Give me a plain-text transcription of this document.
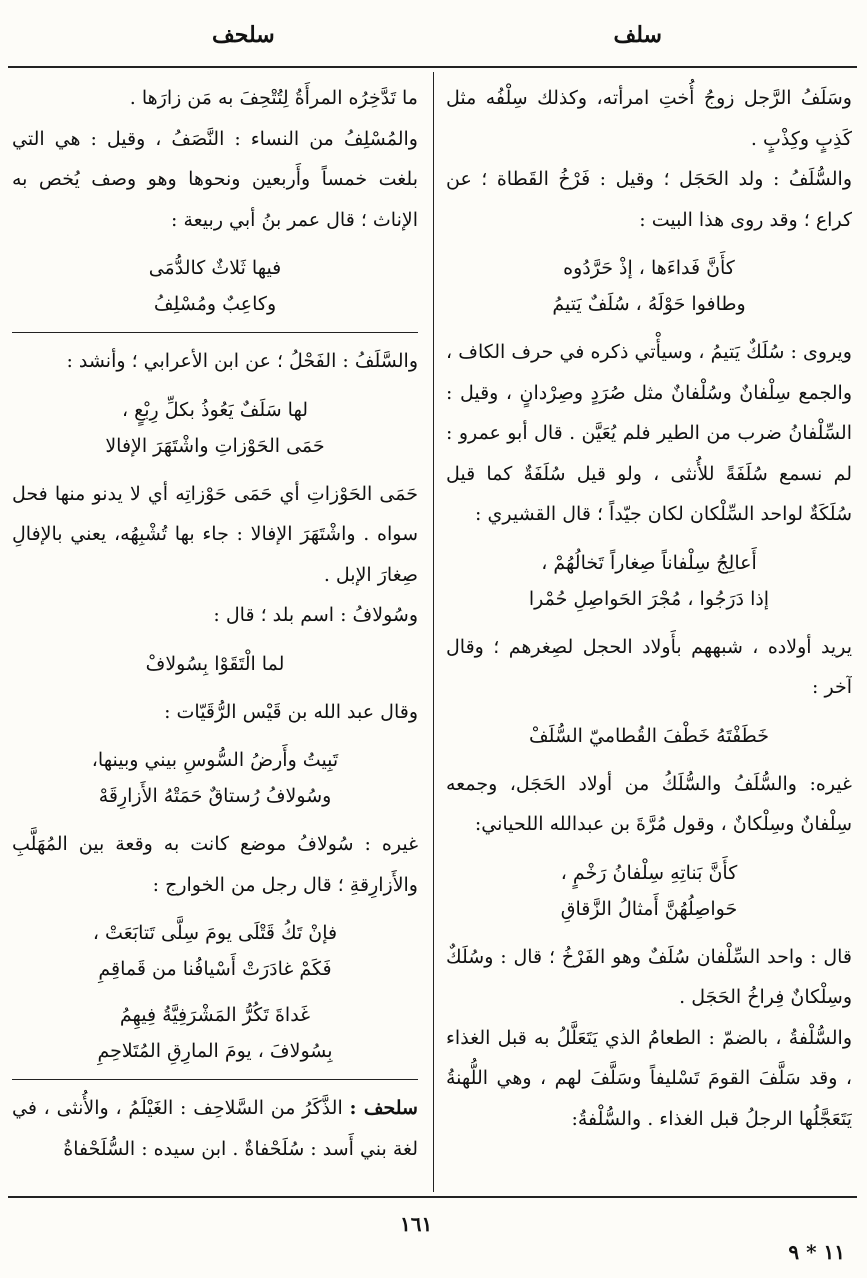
سلف
سلحف

وسَلَفُ الرَّجل زوجُ أُختِ امرأته، وكذلك سِلْفُه مثل كَذِبٍ وكِذْبٍ .

والسُّلَفُ : ولد الحَجَل ؛ وقيل : فَرْخُ القَطاة ؛ عن كراع ؛ وقد روى هذا البيت :

كأَنَّ فَداءَها ، إذْ حَرَّدُوه
وطافوا حَوْلَهُ ، سُلَفٌ يَتيمُ

ويروى : سُلَكٌ يَتيمُ ، وسيأْتي ذكره في حرف الكاف ، والجمع سِلْفانٌ وسُلْفانٌ مثل صُرَدٍ وصِرْدانٍ ، وقيل : السِّلْفانُ ضرب من الطير فلم يُعَيَّن . قال أبو عمرو : لم نسمع سُلَفَةً للأُنثى ، ولو قيل سُلَفَةٌ كما قيل سُلَكَةٌ لواحد السِّلْكان لكان جيّداً ؛ قال القشيري :

أَعالِجُ سِلْفاناً صِغاراً تَخالُهُمْ ،
إذا دَرَجُوا ، مُجْرَ الحَواصِلِ حُمْرا

يريد أولاده ، شبههم بأَولاد الحجل لصِغرهم ؛ وقال آخر :

خَطَفْتَهُ خَطْفَ القُطاميّ السُّلَفْ

غيره: والسُّلَفُ والسُّلَكُ من أولاد الحَجَل، وجمعه سِلْفانٌ وسِلْكانٌ ، وقول مُرَّةَ بن عبدالله اللحياني:

كأَنَّ بَناتِهِ سِلْفانُ رَخْمٍ ،
حَواصِلُهُنَّ أَمثالُ الزَّقاقِ

قال : واحد السِّلْفان سُلَفٌ وهو الفَرْخُ ؛ قال : وسُلَكٌ وسِلْكانٌ فِراخُ الحَجَل .

والسُّلْفةُ ، بالضمّ : الطعامُ الذي يَتَعَلَّلُ به قبل الغذاء ، وقد سَلَّفَ القومَ تَسْليفاً وسَلَّفَ لهم ، وهي اللُّهنةُ يَتَعَجَّلُها الرجلُ قبل الغذاء . والسُّلْفةُ:

ما تَدَّخِرُه المرأَةُ لِتُتْحِفَ به مَن زارَها .

والمُسْلِفُ من النساء : النَّصَفُ ، وقيل : هي التي بلغت خمساً وأَربعين ونحوها وهو وصف يُخص به الإناث ؛ قال عمر بنُ أبي ربيعة :

فيها ثَلاثٌ كالدُّمَى
وكاعِبٌ ومُسْلِفُ

والسَّلَفُ : الفَحْلُ ؛ عن ابن الأعرابي ؛ وأنشد :

لها سَلَفٌ يَعُوذُ بكلِّ رِبْعٍ ،
حَمَى الحَوْزاتِ واشْتَهَرَ الإفالا

حَمَى الحَوْزاتِ أي حَمَى حَوْزاتِه أي لا يدنو منها فحل سواه . واشْتَهَرَ الإفالا : جاء بها تُشْبِهُه، يعني بالإفالِ صِغارَ الإبل .

وسُولافُ : اسم بلد ؛ قال :

لما الْتَقَوْا بِسُولافْ

وقال عبد الله بن قَيْس الرُّقَيّات :

تَبِيتُ وأَرضُ السُّوسِ بيني وبينها،
وسُولافُ رُستاقٌ حَمَتْهُ الأَزارِقَهْ

غيره : سُولافُ موضع كانت به وقعة بين المُهَلَّبِ والأَزارِقةِ ؛ قال رجل من الخوارج :

فإنْ تَكُ قَتْلَى يومَ سِلَّى تَتابَعَتْ ،
فَكَمْ غادَرَتْ أَسْيافُنا من قَماقِمِ

غَداةَ تَكُرُّ المَشْرَفِيَّةُ فِيهِمُ
بِسُولافَ ، يومَ المارِقِ المُتَلاحِمِ

سلحف : الذَّكَرُ من السَّلاحِف : الغَيْلَمُ ، والأُنثى ، في لغة بني أَسد : سُلَحْفاةٌ . ابن سيده : السُّلَحْفاةُ

١٦١
١١ * ٩
